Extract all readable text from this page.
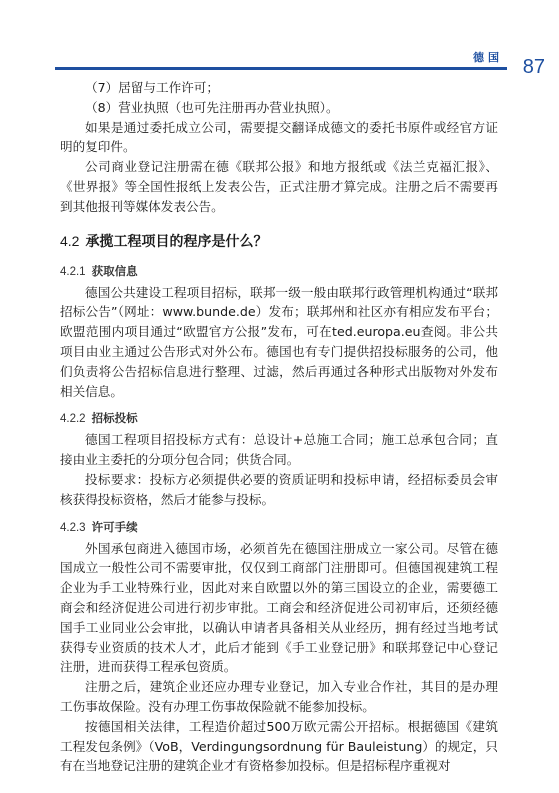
德国 87

（7）居留与工作许可；

（8）营业执照（也可先注册再办营业执照）。

如果是通过委托成立公司，需要提交翻译成德文的委托书原件或经官方证明的复印件。

公司商业登记注册需在德《联邦公报》和地方报纸或《法兰克福汇报》、《世界报》等全国性报纸上发表公告，正式注册才算完成。注册之后不需要再到其他报刊等媒体发表公告。

4.2 承揽工程项目的程序是什么？
4.2.1 获取信息

德国公共建设工程项目招标，联邦一级一般由联邦行政管理机构通过“联邦招标公告”（网址：www.bunde.de）发布；联邦州和社区亦有相应发布平台；欧盟范围内项目通过“欧盟官方公报”发布，可在ted.europa.eu查阅。非公共项目由业主通过公告形式对外公布。德国也有专门提供招投标服务的公司，他们负责将公告招标信息进行整理、过滤，然后再通过各种形式出版物对外发布相关信息。

4.2.2 招标投标

德国工程项目招投标方式有：总设计+总施工合同；施工总承包合同；直接由业主委托的分项分包合同；供货合同。

投标要求：投标方必须提供必要的资质证明和投标申请，经招标委员会审核获得投标资格，然后才能参与投标。

4.2.3 许可手续

外国承包商进入德国市场，必须首先在德国注册成立一家公司。尽管在德国成立一般性公司不需要审批，仅仅到工商部门注册即可。但德国视建筑工程企业为手工业特殊行业，因此对来自欧盟以外的第三国设立的企业，需要德工商会和经济促进公司进行初步审批。工商会和经济促进公司初审后，还须经德国手工业同业公会审批，以确认申请者具备相关从业经历，拥有经过当地考试获得专业资质的技术人才，此后才能到《手工业登记册》和联邦登记中心登记注册，进而获得工程承包资质。

注册之后，建筑企业还应办理专业登记，加入专业合作社，其目的是办理工伤事故保险。没有办理工伤事故保险就不能参加投标。

按德国相关法律，工程造价超过500万欧元需公开招标。根据德国《建筑工程发包条例》（VoB，Verdingungsordnung für Bauleistung）的规定，只有在当地登记注册的建筑企业才有资格参加投标。但是招标程序重视对
